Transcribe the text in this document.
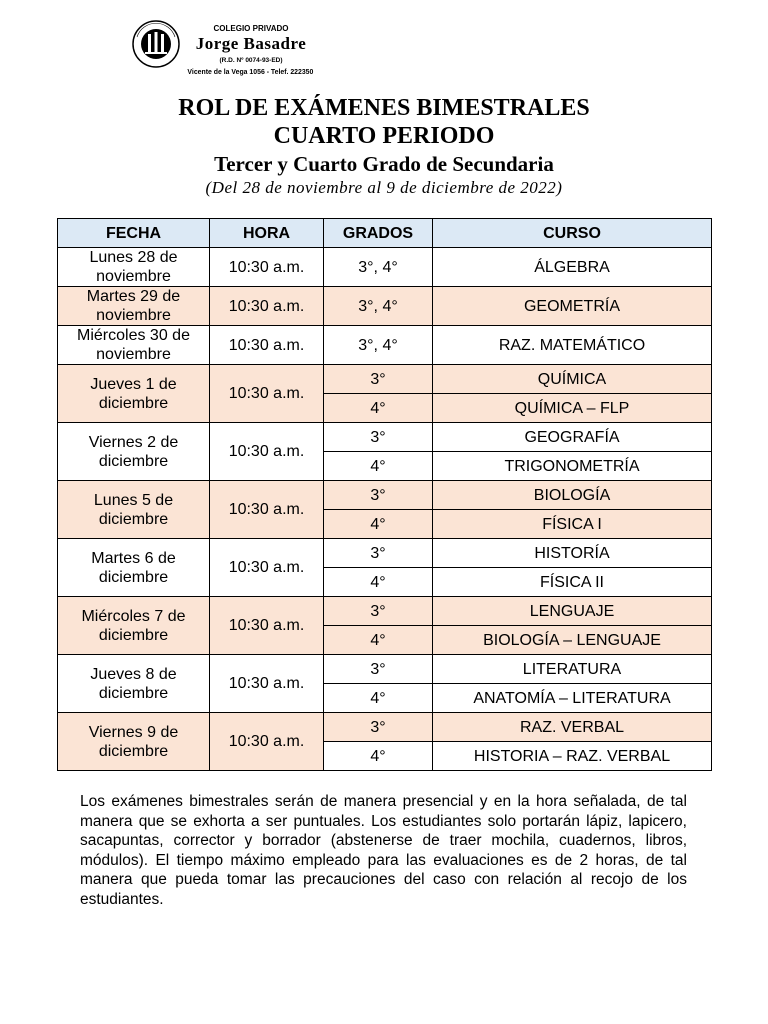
COLEGIO PRIVADO
Jorge Basadre
(R.D. Nº 0074-93-ED)
Vicente de la Vega 1056 - Telef. 222350
ROL DE EXÁMENES BIMESTRALES
CUARTO PERIODO
Tercer y Cuarto Grado de Secundaria
(Del 28 de noviembre al 9 de diciembre de 2022)
FECHA	HORA	GRADOS	CURSO
Lunes 28 de noviembre	10:30 a.m.	3°, 4°	ÁLGEBRA
Martes 29 de noviembre	10:30 a.m.	3°, 4°	GEOMETRÍA
Miércoles 30 de noviembre	10:30 a.m.	3°, 4°	RAZ. MATEMÁTICO
Jueves 1 de diciembre	10:30 a.m.	3°	QUÍMICA
		4°	QUÍMICA – FLP
Viernes 2 de diciembre	10:30 a.m.	3°	GEOGRAFÍA
		4°	TRIGONOMETRÍA
Lunes 5 de diciembre	10:30 a.m.	3°	BIOLOGÍA
		4°	FÍSICA I
Martes 6 de diciembre	10:30 a.m.	3°	HISTORÍA
		4°	FÍSICA II
Miércoles 7 de diciembre	10:30 a.m.	3°	LENGUAJE
		4°	BIOLOGÍA – LENGUAJE
Jueves 8 de diciembre	10:30 a.m.	3°	LITERATURA
		4°	ANATOMÍA – LITERATURA
Viernes 9 de diciembre	10:30 a.m.	3°	RAZ. VERBAL
		4°	HISTORIA – RAZ. VERBAL
Los exámenes bimestrales serán de manera presencial y en la hora señalada, de tal manera que se exhorta a ser puntuales. Los estudiantes solo portarán lápiz, lapicero, sacapuntas, corrector y borrador (abstenerse de traer mochila, cuadernos, libros, módulos). El tiempo máximo empleado para las evaluaciones es de 2 horas, de tal manera que pueda tomar las precauciones del caso con relación al recojo de los estudiantes.
